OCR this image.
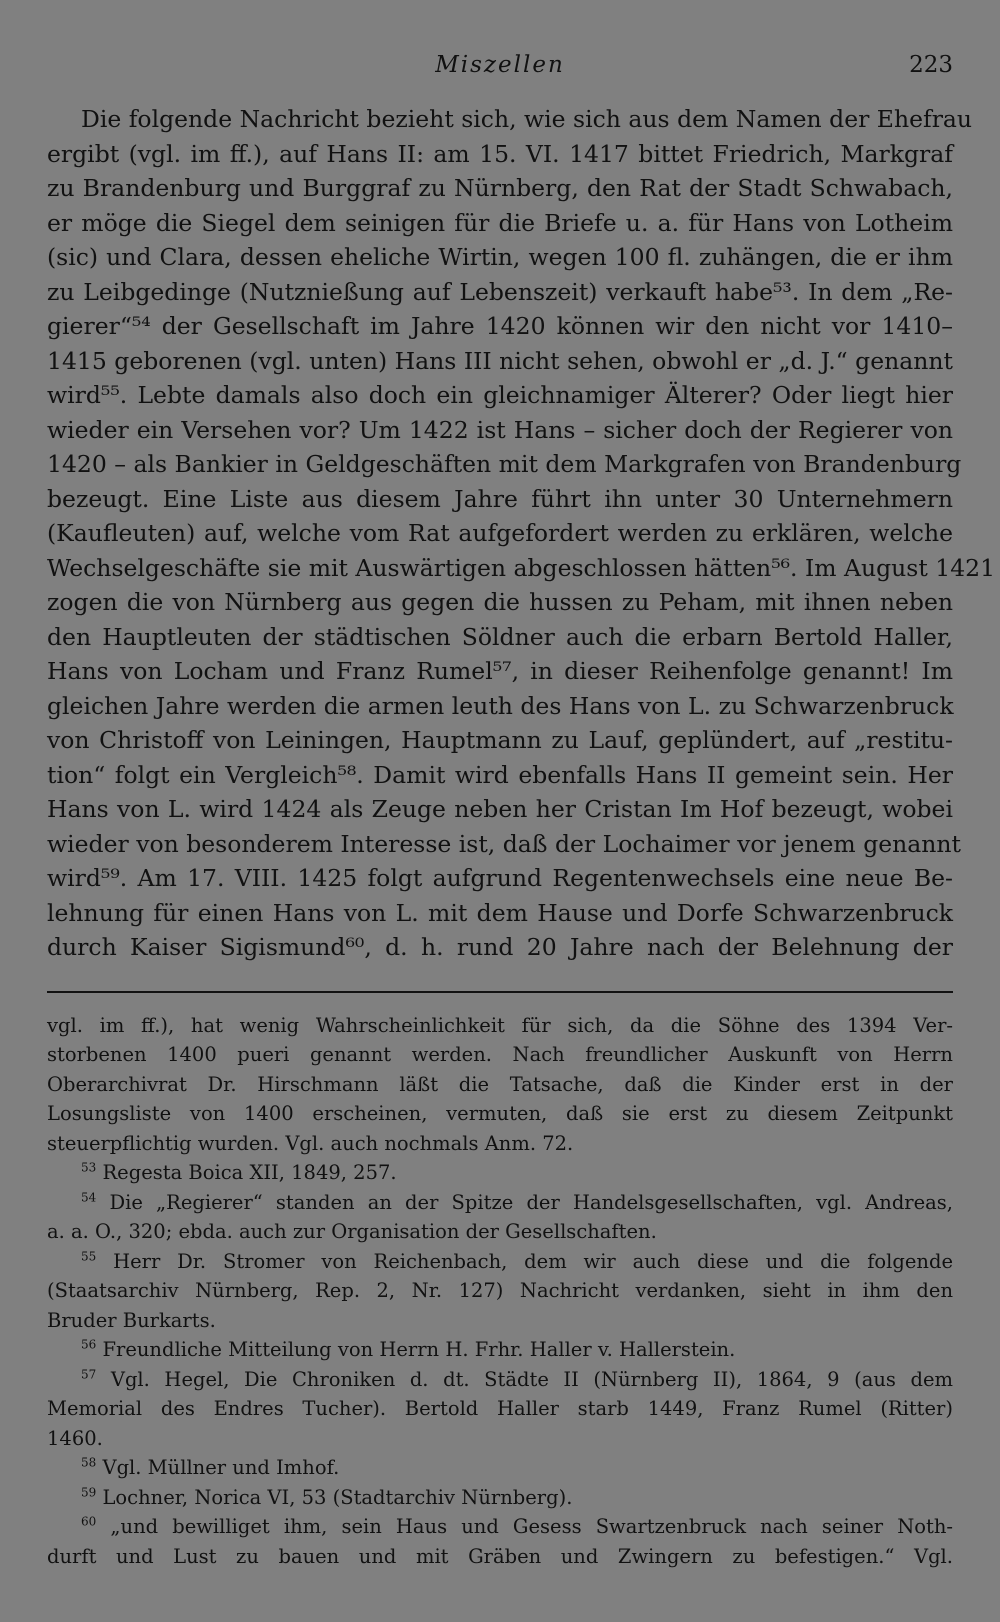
Miszellen	223
Die folgende Nachricht bezieht sich, wie sich aus dem Namen der Ehefrau
ergibt (vgl. im ff.), auf Hans II: am 15. VI. 1417 bittet Friedrich, Markgraf
zu Brandenburg und Burggraf zu Nürnberg, den Rat der Stadt Schwabach,
er möge die Siegel dem seinigen für die Briefe u. a. für Hans von Lotheim
(sic) und Clara, dessen eheliche Wirtin, wegen 100 fl. zuhängen, die er ihm
zu Leibgedinge (Nutznießung auf Lebenszeit) verkauft habe⁵³. In dem „Re-
gierer“⁵⁴ der Gesellschaft im Jahre 1420 können wir den nicht vor 1410–
1415 geborenen (vgl. unten) Hans III nicht sehen, obwohl er „d. J.“ genannt
wird⁵⁵. Lebte damals also doch ein gleichnamiger Älterer? Oder liegt hier
wieder ein Versehen vor? Um 1422 ist Hans – sicher doch der Regierer von
1420 – als Bankier in Geldgeschäften mit dem Markgrafen von Brandenburg
bezeugt. Eine Liste aus diesem Jahre führt ihn unter 30 Unternehmern
(Kaufleuten) auf, welche vom Rat aufgefordert werden zu erklären, welche
Wechselgeschäfte sie mit Auswärtigen abgeschlossen hätten⁵⁶. Im August 1421
zogen die von Nürnberg aus gegen die hussen zu Peham, mit ihnen neben
den Hauptleuten der städtischen Söldner auch die erbarn Bertold Haller,
Hans von Locham und Franz Rumel⁵⁷, in dieser Reihenfolge genannt! Im
gleichen Jahre werden die armen leuth des Hans von L. zu Schwarzenbruck
von Christoff von Leiningen, Hauptmann zu Lauf, geplündert, auf „restitu-
tion“ folgt ein Vergleich⁵⁸. Damit wird ebenfalls Hans II gemeint sein. Her
Hans von L. wird 1424 als Zeuge neben her Cristan Im Hof bezeugt, wobei
wieder von besonderem Interesse ist, daß der Lochaimer vor jenem genannt
wird⁵⁹. Am 17. VIII. 1425 folgt aufgrund Regentenwechsels eine neue Be-
lehnung für einen Hans von L. mit dem Hause und Dorfe Schwarzenbruck
durch Kaiser Sigismund⁶⁰, d. h. rund 20 Jahre nach der Belehnung der
vgl. im ff.), hat wenig Wahrscheinlichkeit für sich, da die Söhne des 1394 Ver-
storbenen 1400 pueri genannt werden. Nach freundlicher Auskunft von Herrn
Oberarchivrat Dr. Hirschmann läßt die Tatsache, daß die Kinder erst in der
Losungsliste von 1400 erscheinen, vermuten, daß sie erst zu diesem Zeitpunkt
steuerpflichtig wurden. Vgl. auch nochmals Anm. 72.
$^{53}$ Regesta Boica XII, 1849, 257.
$^{54}$ Die „Regierer“ standen an der Spitze der Handelsgesellschaften, vgl. Andreas,
a. a. O., 320; ebda. auch zur Organisation der Gesellschaften.
$^{55}$ Herr Dr. Stromer von Reichenbach, dem wir auch diese und die folgende
(Staatsarchiv Nürnberg, Rep. 2, Nr. 127) Nachricht verdanken, sieht in ihm den
Bruder Burkarts.
$^{56}$ Freundliche Mitteilung von Herrn H. Frhr. Haller v. Hallerstein.
$^{57}$ Vgl. Hegel, Die Chroniken d. dt. Städte II (Nürnberg II), 1864, 9 (aus dem
Memorial des Endres Tucher). Bertold Haller starb 1449, Franz Rumel (Ritter)
1460.
$^{58}$ Vgl. Müllner und Imhof.
$^{59}$ Lochner, Norica VI, 53 (Stadtarchiv Nürnberg).
$^{60}$ „und bewilliget ihm, sein Haus und Gesess Swartzenbruck nach seiner Noth-
durft und Lust zu bauen und mit Gräben und Zwingern zu befestigen.“ Vgl.
